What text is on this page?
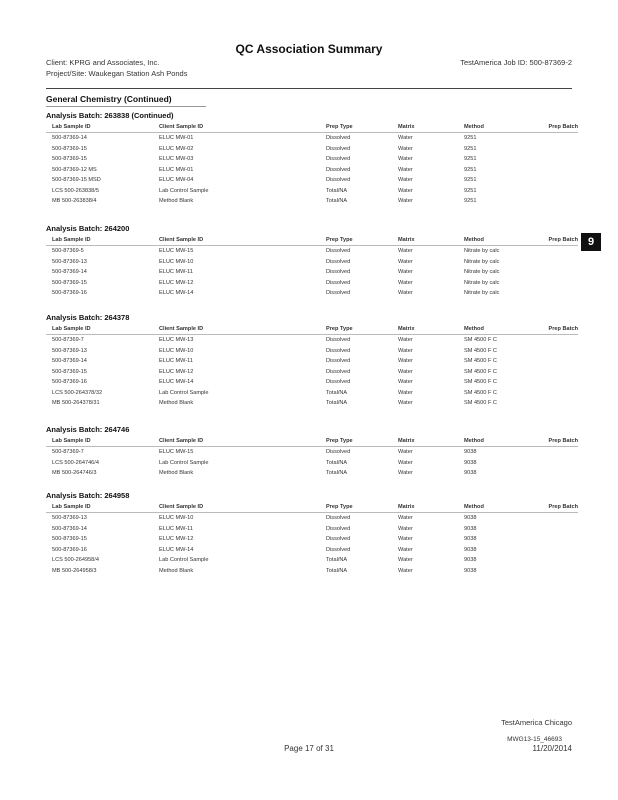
QC Association Summary
Client: KPRG and Associates, Inc.
Project/Site: Waukegan Station Ash Ponds
TestAmerica Job ID: 500-87369-2
General Chemistry (Continued)
9
Analysis Batch: 263838 (Continued)
Lab Sample ID	Client Sample ID	Prep Type	Matrix	Method	Prep Batch
500-87369-14	ELUC MW-01	Dissolved	Water	9251	
500-87369-15	ELUC MW-02	Dissolved	Water	9251	
500-87369-15	ELUC MW-03	Dissolved	Water	9251	
500-87369-12 MS	ELUC MW-01	Dissolved	Water	9251	
500-87369-15 MSD	ELUC MW-04	Dissolved	Water	9251	
LCS 500-263838/5	Lab Control Sample	Total/NA	Water	9251	
MB 500-263838/4	Method Blank	Total/NA	Water	9251	
Analysis Batch: 264200
Lab Sample ID	Client Sample ID	Prep Type	Matrix	Method	Prep Batch
500-87369-5	ELUC MW-15	Dissolved	Water	Nitrate by calc	
500-87369-13	ELUC MW-10	Dissolved	Water	Nitrate by calc	
500-87369-14	ELUC MW-11	Dissolved	Water	Nitrate by calc	
500-87369-15	ELUC MW-12	Dissolved	Water	Nitrate by calc	
500-87369-16	ELUC MW-14	Dissolved	Water	Nitrate by calc	
Analysis Batch: 264378
Lab Sample ID	Client Sample ID	Prep Type	Matrix	Method	Prep Batch
500-87369-7	ELUC MW-13	Dissolved	Water	SM 4500 F C	
500-87369-13	ELUC MW-10	Dissolved	Water	SM 4500 F C	
500-87369-14	ELUC MW-11	Dissolved	Water	SM 4500 F C	
500-87369-15	ELUC MW-12	Dissolved	Water	SM 4500 F C	
500-87369-16	ELUC MW-14	Dissolved	Water	SM 4500 F C	
LCS 500-264378/32	Lab Control Sample	Total/NA	Water	SM 4500 F C	
MB 500-264378/31	Method Blank	Total/NA	Water	SM 4500 F C	
Analysis Batch: 264746
Lab Sample ID	Client Sample ID	Prep Type	Matrix	Method	Prep Batch
500-87369-7	ELUC MW-15	Dissolved	Water	9038	
LCS 500-264746/4	Lab Control Sample	Total/NA	Water	9038	
MB 500-264746/3	Method Blank	Total/NA	Water	9038	
Analysis Batch: 264958
Lab Sample ID	Client Sample ID	Prep Type	Matrix	Method	Prep Batch
500-87369-13	ELUC MW-10	Dissolved	Water	9038	
500-87369-14	ELUC MW-11	Dissolved	Water	9038	
500-87369-15	ELUC MW-12	Dissolved	Water	9038	
500-87369-16	ELUC MW-14	Dissolved	Water	9038	
LCS 500-264958/4	Lab Control Sample	Total/NA	Water	9038	
MB 500-264958/3	Method Blank	Total/NA	Water	9038	
TestAmerica Chicago
MWG13-15_46693
Page 17 of 31	11/20/2014
